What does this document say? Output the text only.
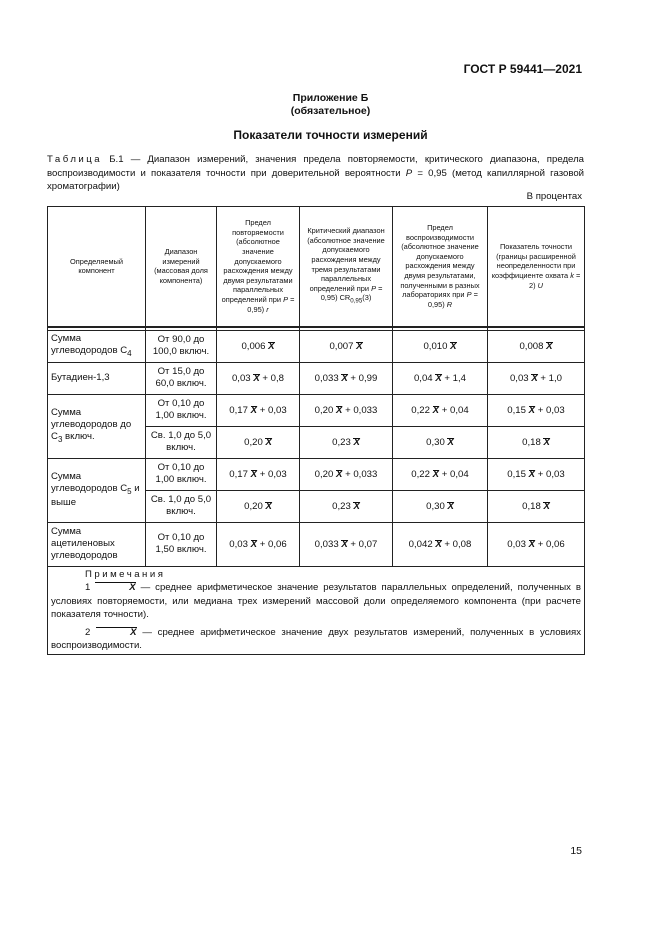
ГОСТ Р 59441—2021
Приложение Б
(обязательное)
Показатели точности измерений
Таблица Б.1 — Диапазон измерений, значения предела повторяемости, критического диапазона, предела воспроизводимости и показателя точности при доверительной вероятности P = 0,95 (метод капиллярной газовой хроматографии)
В процентах
Определяемый компонент	Диапазон измерений (массовая доля компонента)	Предел повторяемости (абсолютное значение допускаемого расхождения между двумя результатами параллельных определений при P = 0,95) r	Критический диапазон (абсолютное значение допускаемого расхождения между тремя результатами параллельных определений при P = 0,95) $CR_{0,95}(3)$	Предел воспроизводимости (абсолютное значение допускаемого расхождения между двумя результатами, полученными в разных лабораториях при P = 0,95) R	Показатель точности (границы расширенной неопределенности при коэффициенте охвата k = 2) U

Сумма углеводородов $C_4$	От 90,0 до 100,0 включ.	0,006 X	0,007 X	0,010 X	0,008 X
Бутадиен-1,3	От 15,0 до 60,0 включ.	0,03 X + 0,8	0,033 X + 0,99	0,04 X + 1,4	0,03 X + 1,0
Сумма углеводородов до $C_3$ включ.	От 0,10 до 1,00 включ.	0,17 X + 0,03	0,20 X + 0,033	0,22 X + 0,04	0,15 X + 0,03
	Св. 1,0 до 5,0 включ.	0,20 X	0,23 X	0,30 X	0,18 X
Сумма углеводородов $C_5$ и выше	От 0,10 до 1,00 включ.	0,17 X + 0,03	0,20 X + 0,033	0,22 X + 0,04	0,15 X + 0,03
	Св. 1,0 до 5,0 включ.	0,20 X	0,23 X	0,30 X	0,18 X
Сумма ацетиленовых углеводородов	От 0,10 до 1,50 включ.	0,03 X + 0,06	0,033 X + 0,07	0,042 X + 0,08	0,03 X + 0,06

Примечания
1 X — среднее арифметическое значение результатов параллельных определений, полученных в условиях повторяемости, или медиана трех измерений массовой доли определяемого компонента (при расчете показателя точности).
2 X — среднее арифметическое значение двух результатов измерений, полученных в условиях воспроизводимости.					
15
